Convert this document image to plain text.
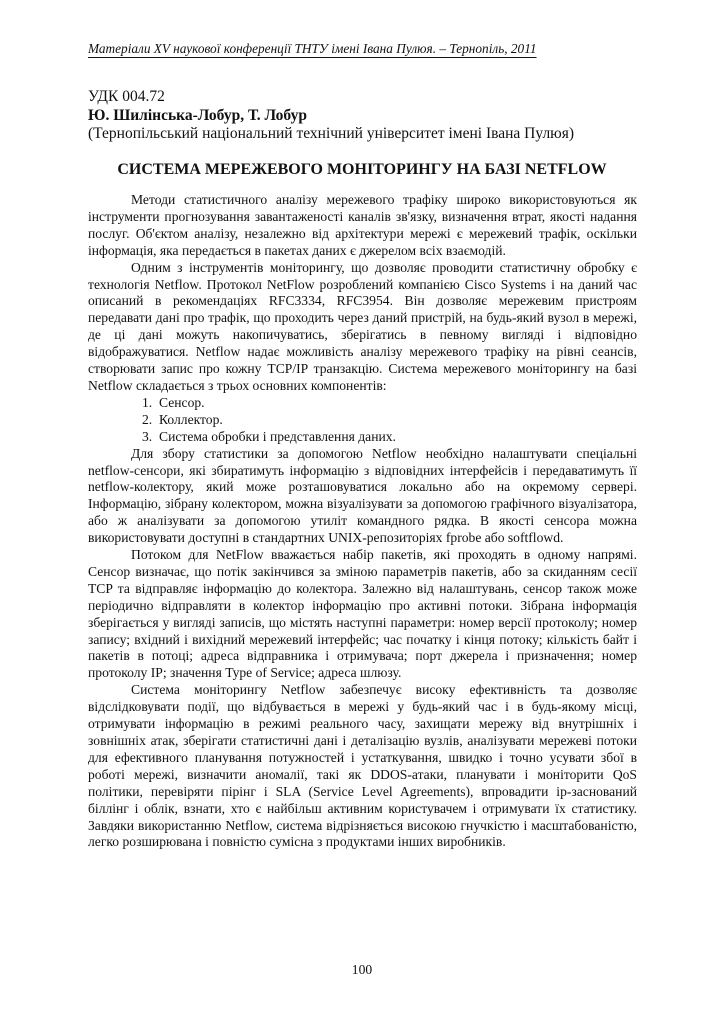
Матеріали XV наукової конференції ТНТУ імені Івана Пулюя. – Тернопіль, 2011
УДК 004.72
Ю. Шилінська-Лобур, Т. Лобур
(Тернопільський національний технічний університет імені Івана Пулюя)
СИСТЕМА МЕРЕЖЕВОГО МОНІТОРИНГУ НА БАЗІ NETFLOW

Методи статистичного аналізу мережевого трафіку широко використовуються як інструменти прогнозування завантаженості каналів зв'язку, визначення втрат, якості надання послуг. Об'єктом аналізу, незалежно від архітектури мережі є мережевий трафік, оскільки інформація, яка передається в пакетах даних є джерелом всіх взаємодій.

Одним з інструментів моніторингу, що дозволяє проводити статистичну обробку є технологія Netflow. Протокол NetFlow розроблений компанією Cisco Systems і на даний час описаний в рекомендаціях RFC3334, RFC3954. Він дозволяє мережевим пристроям передавати дані про трафік, що проходить через даний пристрій, на будь-який вузол в мережі, де ці дані можуть накопичуватись, зберігатись в певному вигляді і відповідно відображуватися. Netflow надає можливість аналізу мережевого трафіку на рівні сеансів, створювати запис про кожну TCP/IP транзакцію. Система мережевого моніторингу на базі Netflow складається з трьох основних компонентів:

1. Сенсор.
2. Коллектор.
3. Система обробки і представлення даних.

Для збору статистики за допомогою Netflow необхідно налаштувати спеціальні netflow-сенсори, які збиратимуть інформацію з відповідних інтерфейсів і передаватимуть її netflow-колектору, який може розташовуватися локально або на окремому сервері. Інформацію, зібрану колектором, можна візуалізувати за допомогою графічного візуалізатора, або ж аналізувати за допомогою утиліт командного рядка. В якості сенсора можна використовувати доступні в стандартних UNIX-репозиторіях fprobe або softflowd.

Потоком для NetFlow вважається набір пакетів, які проходять в одному напрямі. Сенсор визначає, що потік закінчився за зміною параметрів пакетів, або за скиданням сесії TCP та відправляє інформацію до колектора. Залежно від налаштувань, сенсор також може періодично відправляти в колектор інформацію про активні потоки. Зібрана інформація зберігається у вигляді записів, що містять наступні параметри: номер версії протоколу; номер запису; вхідний і вихідний мережевий інтерфейс; час початку і кінця потоку; кількість байт і пакетів в потоці; адреса відправника і отримувача; порт джерела і призначення; номер протоколу IP; значення Type of Service; адреса шлюзу.

Система моніторингу Netflow забезпечує високу ефективність та дозволяє відслідковувати події, що відбувається в мережі у будь-який час і в будь-якому місці, отримувати інформацію в режимі реального часу, захищати мережу від внутрішніх і зовнішніх атак, зберігати статистичні дані і деталізацію вузлів, аналізувати мережеві потоки для ефективного планування потужностей і устаткування, швидко і точно усувати збої в роботі мережі, визначити аномалії, такі як DDOS-атаки, планувати і моніторити QoS політики, перевіряти пірінг і SLA (Service Level Agreements), впровадити ip-заснований біллінг і облік, взнати, хто є найбільш активним користувачем і отримувати їх статистику. Завдяки використанню Netflow, система відрізняється високою гнучкістю і масштабованістю, легко розширювана і повністю сумісна з продуктами інших виробників.

100
